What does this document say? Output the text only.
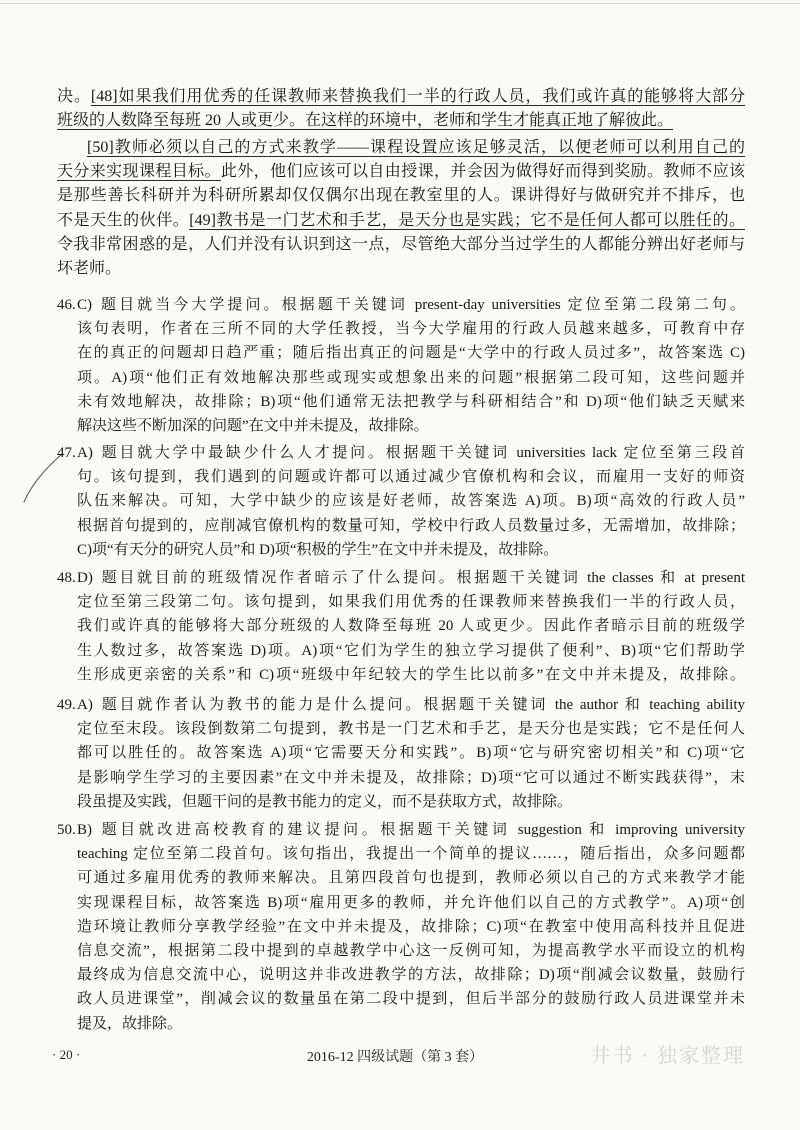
决。[48]如果我们用优秀的任课教师来替换我们一半的行政人员，我们或许真的能够将大部分
班级的人数降至每班 20 人或更少。在这样的环境中，老师和学生才能真正地了解彼此。
[50]教师必须以自己的方式来教学——课程设置应该足够灵活，以便老师可以利用自己的
天分来实现课程目标。此外，他们应该可以自由授课，并会因为做得好而得到奖励。教师不应该
是那些善长科研并为科研所累却仅仅偶尔出现在教室里的人。课讲得好与做研究并不排斥，也
不是天生的伙伴。[49]教书是一门艺术和手艺，是天分也是实践；它不是任何人都可以胜任的。
令我非常困惑的是，人们并没有认识到这一点，尽管绝大部分当过学生的人都能分辨出好老师与
坏老师。
46. C) 题目就当今大学提问。根据题干关键词 present-day universities 定位至第二段第二句。
该句表明，作者在三所不同的大学任教授，当今大学雇用的行政人员越来越多，可教育中存
在的真正的问题却日趋严重；随后指出真正的问题是“大学中的行政人员过多”，故答案选 C)
项。A)项“他们正有效地解决那些或现实或想象出来的问题”根据第二段可知，这些问题并
未有效地解决，故排除；B)项“他们通常无法把教学与科研相结合”和 D)项“他们缺乏天赋来
解决这些不断加深的问题”在文中并未提及，故排除。
47. A) 题目就大学中最缺少什么人才提问。根据题干关键词 universities lack 定位至第三段首
句。该句提到，我们遇到的问题或许都可以通过减少官僚机构和会议，而雇用一支好的师资
队伍来解决。可知，大学中缺少的应该是好老师，故答案选 A)项。B)项“高效的行政人员”
根据首句提到的，应削减官僚机构的数量可知，学校中行政人员数量过多，无需增加，故排除；
C)项“有天分的研究人员”和 D)项“积极的学生”在文中并未提及，故排除。
48. D) 题目就目前的班级情况作者暗示了什么提问。根据题干关键词 the classes 和 at present
定位至第三段第二句。该句提到，如果我们用优秀的任课教师来替换我们一半的行政人员，
我们或许真的能够将大部分班级的人数降至每班 20 人或更少。因此作者暗示目前的班级学
生人数过多，故答案选 D)项。A)项“它们为学生的独立学习提供了便利”、B)项“它们帮助学
生形成更亲密的关系”和 C)项“班级中年纪较大的学生比以前多”在文中并未提及，故排除。
49. A) 题目就作者认为教书的能力是什么提问。根据题干关键词 the author 和 teaching ability
定位至末段。该段倒数第二句提到，教书是一门艺术和手艺，是天分也是实践；它不是任何人
都可以胜任的。故答案选 A)项“它需要天分和实践”。B)项“它与研究密切相关”和 C)项“它
是影响学生学习的主要因素”在文中并未提及，故排除；D)项“它可以通过不断实践获得”，末
段虽提及实践，但题干问的是教书能力的定义，而不是获取方式，故排除。
50. B) 题目就改进高校教育的建议提问。根据题干关键词 suggestion 和 improving university
teaching 定位至第二段首句。该句指出，我提出一个简单的提议……，随后指出，众多问题都
可通过多雇用优秀的教师来解决。且第四段首句也提到，教师必须以自己的方式来教学才能
实现课程目标，故答案选 B)项“雇用更多的教师，并允许他们以自己的方式教学”。A)项“创
造环境让教师分享教学经验”在文中并未提及，故排除；C)项“在教室中使用高科技并且促进
信息交流”，根据第二段中提到的卓越教学中心这一反例可知，为提高教学水平而设立的机构
最终成为信息交流中心，说明这并非改进教学的方法，故排除；D)项“削减会议数量，鼓励行
政人员进课堂”，削减会议的数量虽在第二段中提到，但后半部分的鼓励行政人员进课堂并未
提及，故排除。
· 20 ·	2016-12 四级试题（第 3 套）	井书 · 独家整理
